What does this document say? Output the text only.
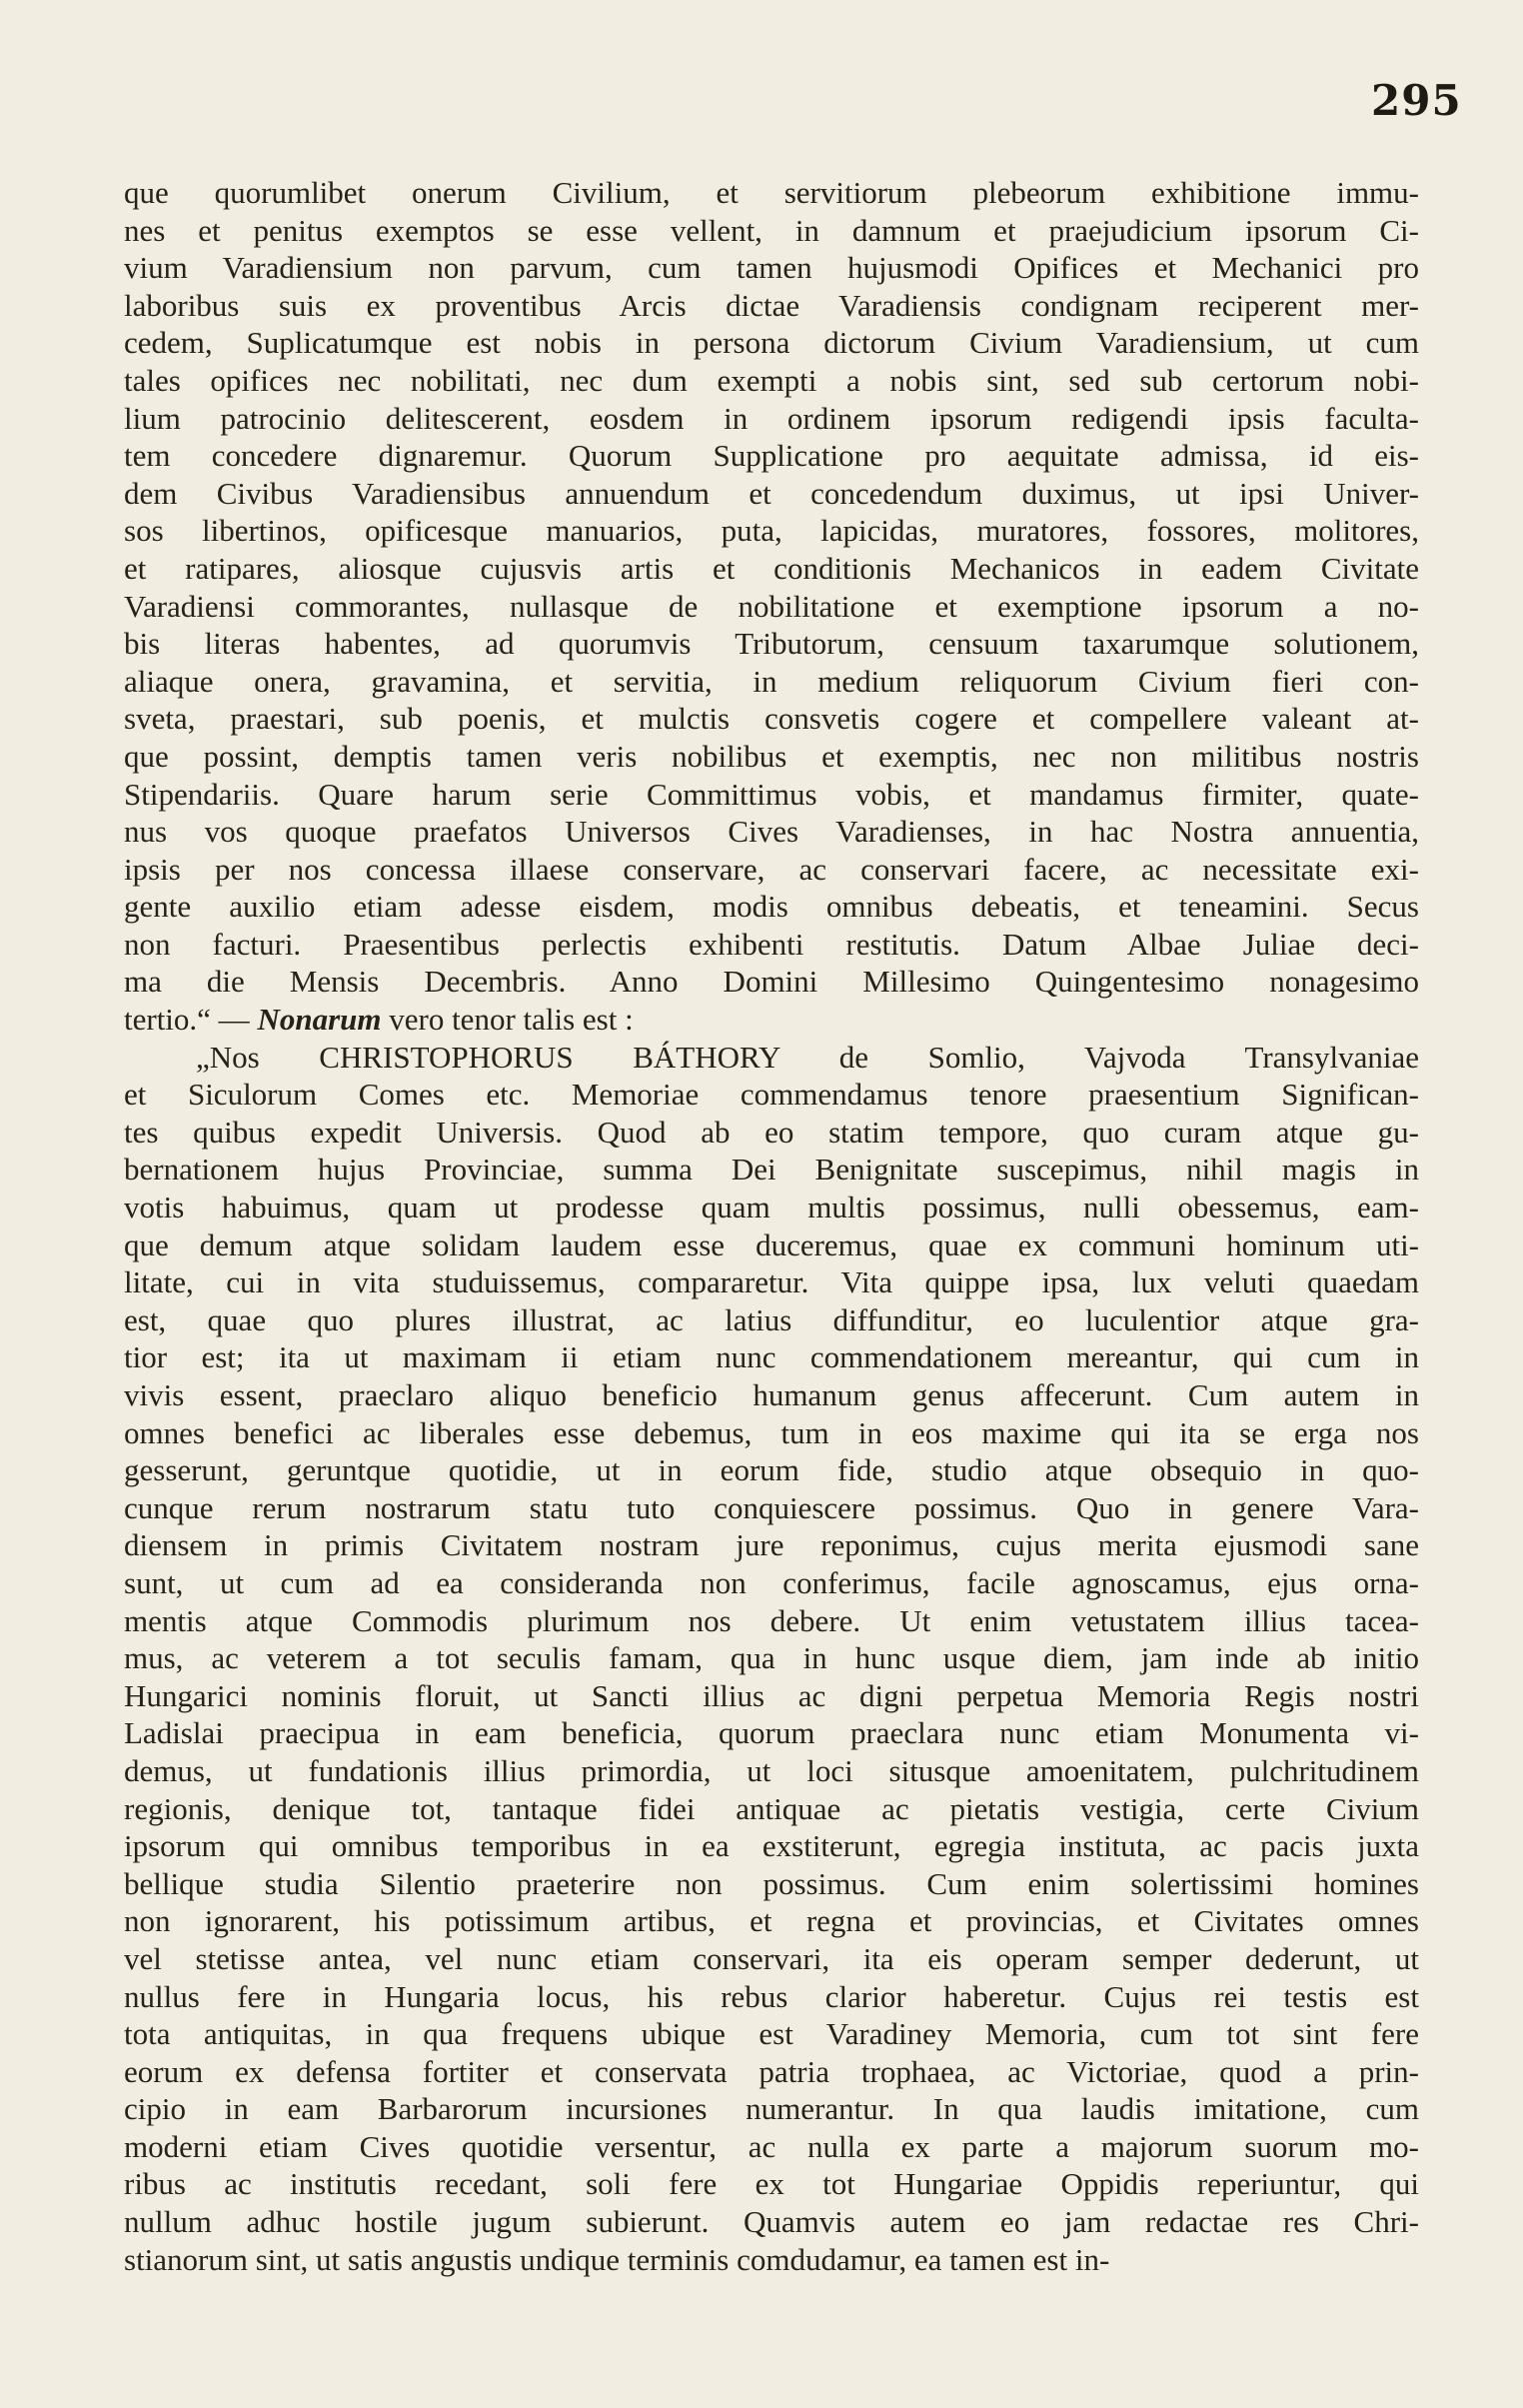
295
que quorumlibet onerum Civilium, et servitiorum plebeorum exhibitione immu-
nes et penitus exemptos se esse vellent, in damnum et praejudicium ipsorum Ci-
vium Varadiensium non parvum, cum tamen hujusmodi Opifices et Mechanici pro
laboribus suis ex proventibus Arcis dictae Varadiensis condignam reciperent mer-
cedem, Suplicatumque est nobis in persona dictorum Civium Varadiensium, ut cum
tales opifices nec nobilitati, nec dum exempti a nobis sint, sed sub certorum nobi-
lium patrocinio delitescerent, eosdem in ordinem ipsorum redigendi ipsis faculta-
tem concedere dignaremur. Quorum Supplicatione pro aequitate admissa, id eis-
dem Civibus Varadiensibus annuendum et concedendum duximus, ut ipsi Univer-
sos libertinos, opificesque manuarios, puta, lapicidas, muratores, fossores, molitores,
et ratipares, aliosque cujusvis artis et conditionis Mechanicos in eadem Civitate
Varadiensi commorantes, nullasque de nobilitatione et exemptione ipsorum a no-
bis literas habentes, ad quorumvis Tributorum, censuum taxarumque solutionem,
aliaque onera, gravamina, et servitia, in medium reliquorum Civium fieri con-
sveta, praestari, sub poenis, et mulctis consvetis cogere et compellere valeant at-
que possint, demptis tamen veris nobilibus et exemptis, nec non militibus nostris
Stipendariis. Quare harum serie Committimus vobis, et mandamus firmiter, quate-
nus vos quoque praefatos Universos Cives Varadienses, in hac Nostra annuentia,
ipsis per nos concessa illaese conservare, ac conservari facere, ac necessitate exi-
gente auxilio etiam adesse eisdem, modis omnibus debeatis, et teneamini. Secus
non facturi. Praesentibus perlectis exhibenti restitutis. Datum Albae Juliae deci-
ma die Mensis Decembris. Anno Domini Millesimo Quingentesimo nonagesimo
tertio.“ — Nonarum vero tenor talis est :
„Nos CHRISTOPHORUS BÁTHORY de Somlio, Vajvoda Transylvaniae
et Siculorum Comes etc. Memoriae commendamus tenore praesentium Significan-
tes quibus expedit Universis. Quod ab eo statim tempore, quo curam atque gu-
bernationem hujus Provinciae, summa Dei Benignitate suscepimus, nihil magis in
votis habuimus, quam ut prodesse quam multis possimus, nulli obessemus, eam-
que demum atque solidam laudem esse duceremus, quae ex communi hominum uti-
litate, cui in vita studuissemus, compararetur. Vita quippe ipsa, lux veluti quaedam
est, quae quo plures illustrat, ac latius diffunditur, eo luculentior atque gra-
tior est; ita ut maximam ii etiam nunc commendationem mereantur, qui cum in
vivis essent, praeclaro aliquo beneficio humanum genus affecerunt. Cum autem in
omnes benefici ac liberales esse debemus, tum in eos maxime qui ita se erga nos
gesserunt, geruntque quotidie, ut in eorum fide, studio atque obsequio in quo-
cunque rerum nostrarum statu tuto conquiescere possimus. Quo in genere Vara-
diensem in primis Civitatem nostram jure reponimus, cujus merita ejusmodi sane
sunt, ut cum ad ea consideranda non conferimus, facile agnoscamus, ejus orna-
mentis atque Commodis plurimum nos debere. Ut enim vetustatem illius tacea-
mus, ac veterem a tot seculis famam, qua in hunc usque diem, jam inde ab initio
Hungarici nominis floruit, ut Sancti illius ac digni perpetua Memoria Regis nostri
Ladislai praecipua in eam beneficia, quorum praeclara nunc etiam Monumenta vi-
demus, ut fundationis illius primordia, ut loci situsque amoenitatem, pulchritudinem
regionis, denique tot, tantaque fidei antiquae ac pietatis vestigia, certe Civium
ipsorum qui omnibus temporibus in ea exstiterunt, egregia instituta, ac pacis juxta
bellique studia Silentio praeterire non possimus. Cum enim solertissimi homines
non ignorarent, his potissimum artibus, et regna et provincias, et Civitates omnes
vel stetisse antea, vel nunc etiam conservari, ita eis operam semper dederunt, ut
nullus fere in Hungaria locus, his rebus clarior haberetur. Cujus rei testis est
tota antiquitas, in qua frequens ubique est Varadiney Memoria, cum tot sint fere
eorum ex defensa fortiter et conservata patria trophaea, ac Victoriae, quod a prin-
cipio in eam Barbarorum incursiones numerantur. In qua laudis imitatione, cum
moderni etiam Cives quotidie versentur, ac nulla ex parte a majorum suorum mo-
ribus ac institutis recedant, soli fere ex tot Hungariae Oppidis reperiuntur, qui
nullum adhuc hostile jugum subierunt. Quamvis autem eo jam redactae res Chri-
stianorum sint, ut satis angustis undique terminis comdudamur, ea tamen est in-
